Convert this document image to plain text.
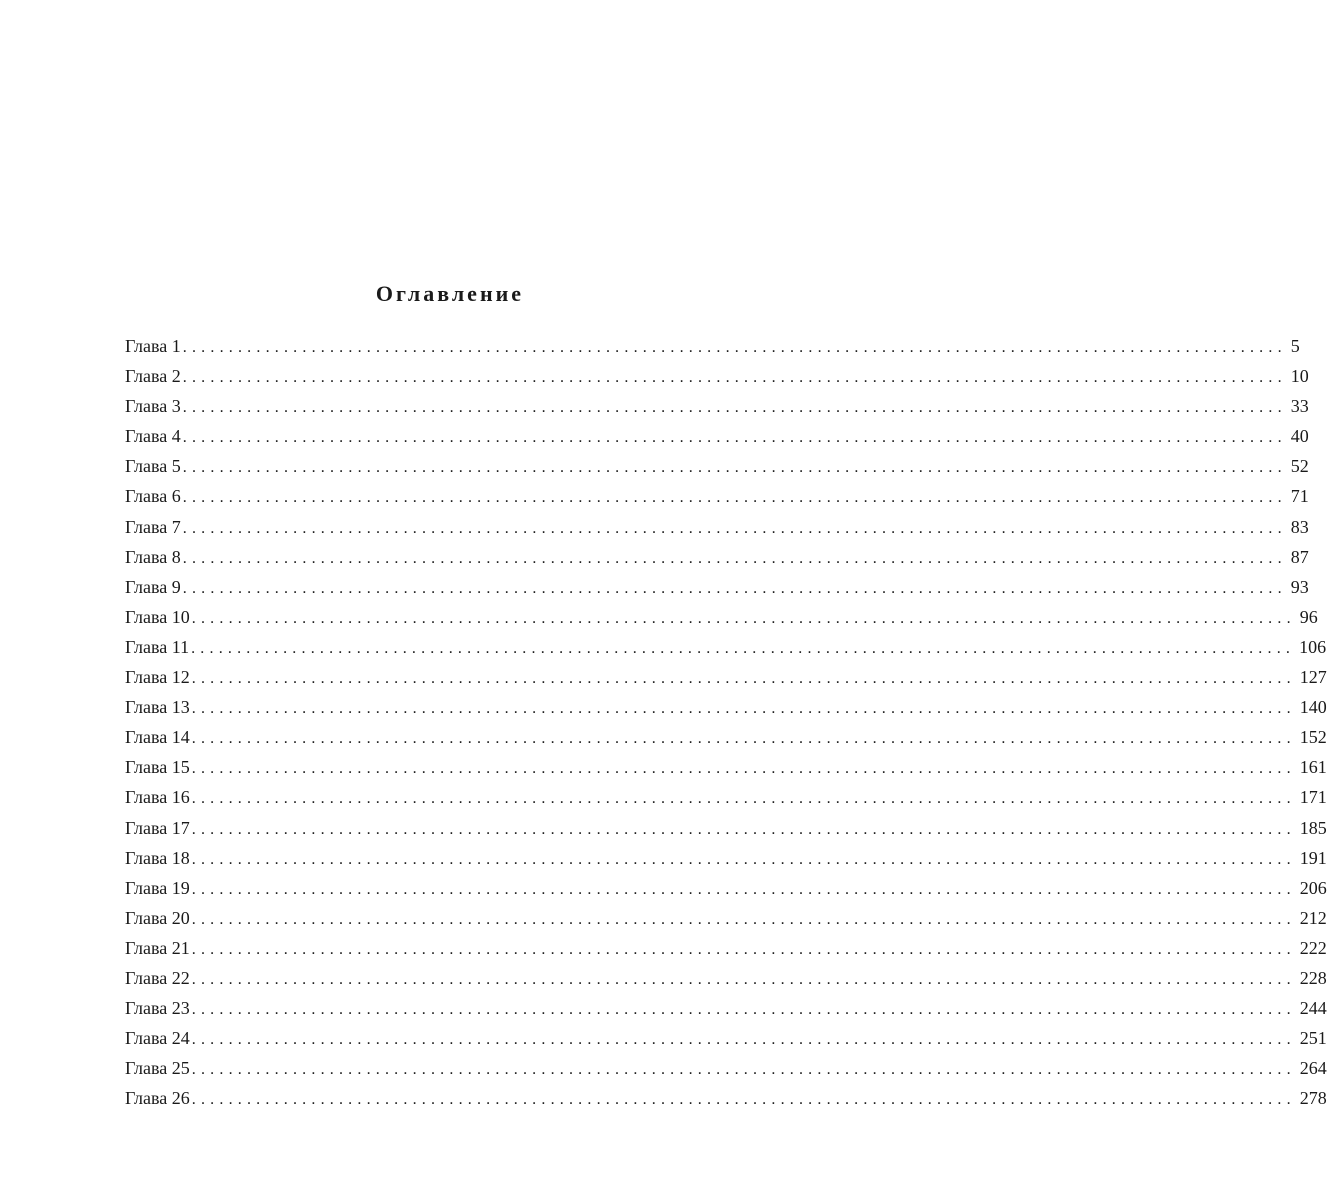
Оглавление
Глава 1 ........................................................................................................................ 5
Глава 2 ........................................................................................................................ 10
Глава 3 ........................................................................................................................ 33
Глава 4 ........................................................................................................................ 40
Глава 5 ........................................................................................................................ 52
Глава 6 ........................................................................................................................ 71
Глава 7 ........................................................................................................................ 83
Глава 8 ........................................................................................................................ 87
Глава 9 ........................................................................................................................ 93
Глава 10 ........................................................................................................................ 96
Глава 11 ........................................................................................................................ 106
Глава 12 ........................................................................................................................ 127
Глава 13 ........................................................................................................................ 140
Глава 14 ........................................................................................................................ 152
Глава 15 ........................................................................................................................ 161
Глава 16 ........................................................................................................................ 171
Глава 17 ........................................................................................................................ 185
Глава 18 ........................................................................................................................ 191
Глава 19 ........................................................................................................................ 206
Глава 20 ........................................................................................................................ 212
Глава 21 ........................................................................................................................ 222
Глава 22 ........................................................................................................................ 228
Глава 23 ........................................................................................................................ 244
Глава 24 ........................................................................................................................ 251
Глава 25 ........................................................................................................................ 264
Глава 26 ........................................................................................................................ 278
